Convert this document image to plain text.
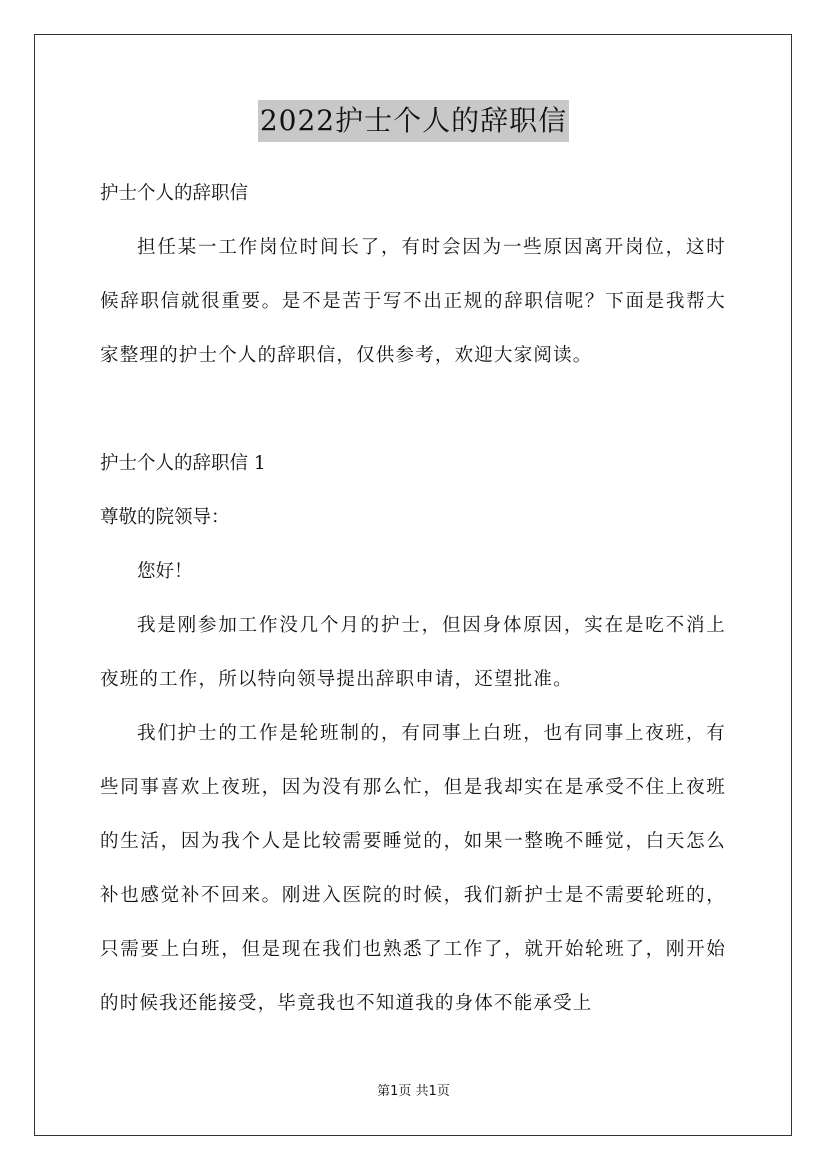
2022护士个人的辞职信

护士个人的辞职信

担任某一工作岗位时间长了，有时会因为一些原因离开岗位，这时候辞职信就很重要。是不是苦于写不出正规的辞职信呢？下面是我帮大家整理的护士个人的辞职信，仅供参考，欢迎大家阅读。

护士个人的辞职信 1

尊敬的院领导：

您好！

我是刚参加工作没几个月的护士，但因身体原因，实在是吃不消上夜班的工作，所以特向领导提出辞职申请，还望批准。

我们护士的工作是轮班制的，有同事上白班，也有同事上夜班，有些同事喜欢上夜班，因为没有那么忙，但是我却实在是承受不住上夜班的生活，因为我个人是比较需要睡觉的，如果一整晚不睡觉，白天怎么补也感觉补不回来。刚进入医院的时候，我们新护士是不需要轮班的，只需要上白班，但是现在我们也熟悉了工作了，就开始轮班了，刚开始的时候我还能接受，毕竟我也不知道我的身体不能承受上

第1页 共1页
